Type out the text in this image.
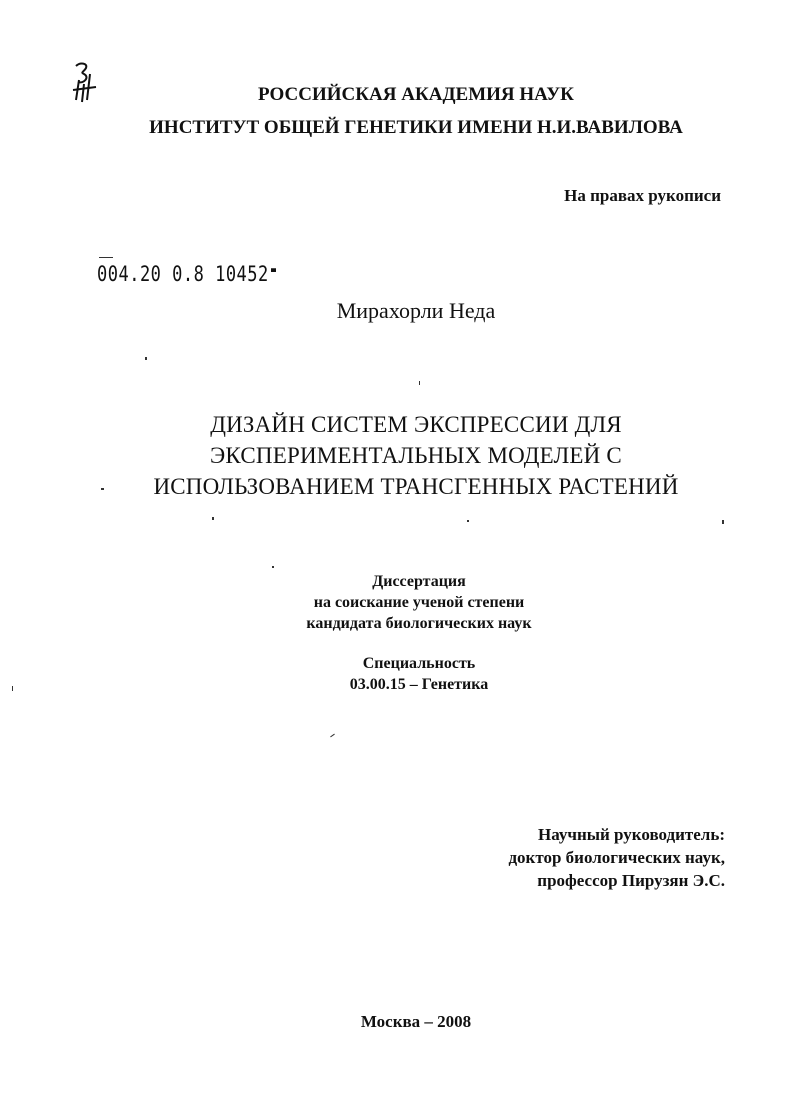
РОССИЙСКАЯ АКАДЕМИЯ НАУК
ИНСТИТУТ ОБЩЕЙ ГЕНЕТИКИ ИМЕНИ Н.И.ВАВИЛОВА
На правах рукописи
004.20 0.8 10452
Мирахорли Неда
ДИЗАЙН СИСТЕМ ЭКСПРЕССИИ ДЛЯ
ЭКСПЕРИМЕНТАЛЬНЫХ МОДЕЛЕЙ С
ИСПОЛЬЗОВАНИЕМ ТРАНСГЕННЫХ РАСТЕНИЙ
Диссертация
на соискание ученой степени
кандидата биологических наук
Специальность
03.00.15 – Генетика
Научный руководитель:
доктор биологических наук,
профессор Пирузян Э.С.
Москва – 2008
